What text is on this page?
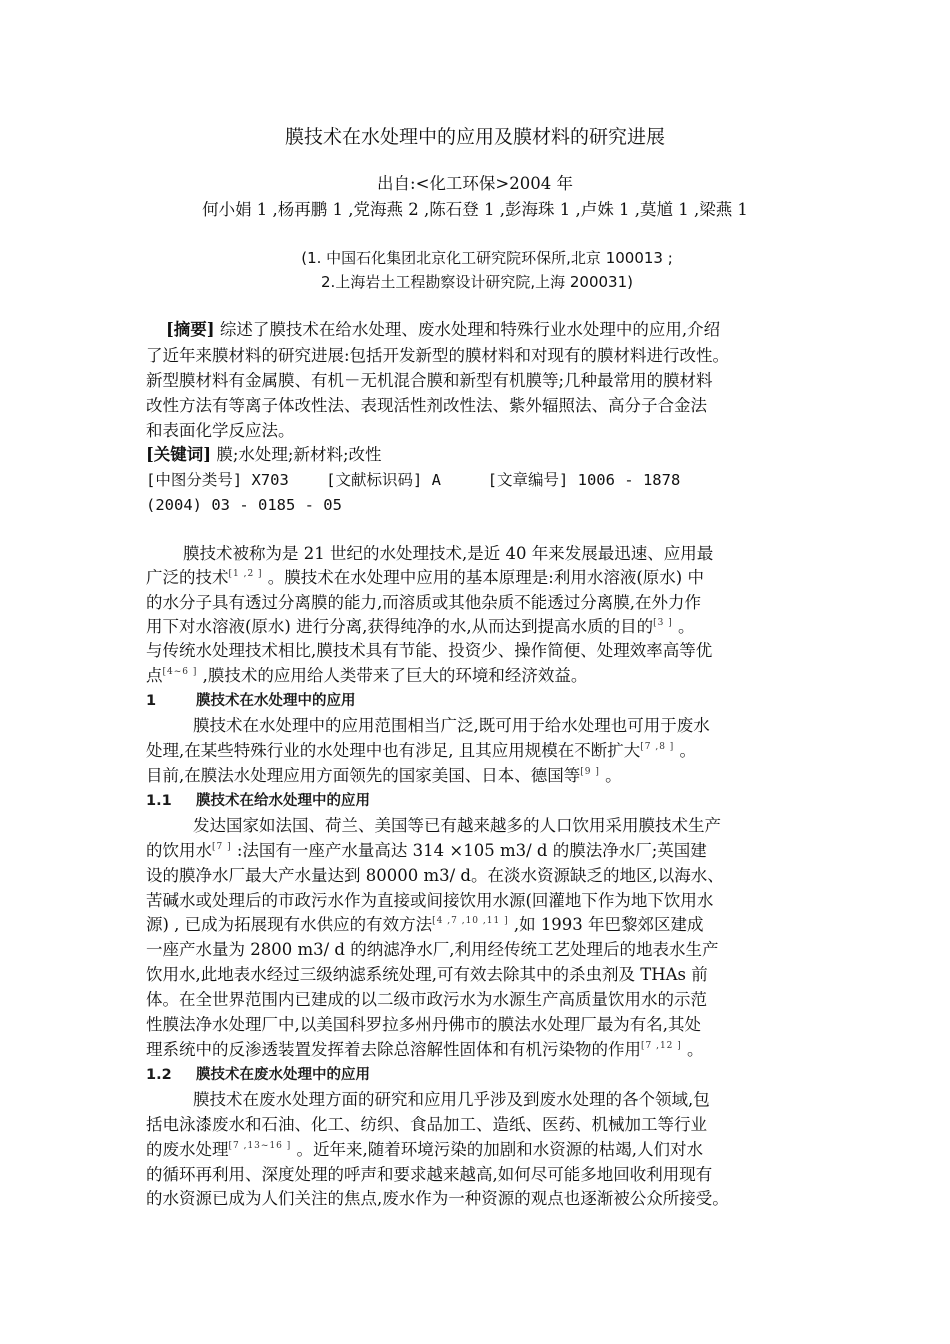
膜技术在水处理中的应用及膜材料的研究进展
出自:<化工环保>2004 年
何小娟 1 ,杨再鹏 1 ,党海燕 2 ,陈石登 1 ,彭海珠 1 ,卢姝 1 ,莫馗 1 ,梁燕 1
(1. 中国石化集团北京化工研究院环保所,北京 100013 ;
2.上海岩土工程勘察设计研究院,上海 200031)
[摘要] 综述了膜技术在给水处理、废水处理和特殊行业水处理中的应用,介绍
了近年来膜材料的研究进展:包括开发新型的膜材料和对现有的膜材料进行改性。
新型膜材料有金属膜、有机－无机混合膜和新型有机膜等;几种最常用的膜材料
改性方法有等离子体改性法、表现活性剂改性法、紫外辐照法、高分子合金法
和表面化学反应法。
[关键词] 膜;水处理;新材料;改性
[中图分类号] X703    [文献标识码] A     [文章编号] 1006 - 1878
(2004) 03 - 0185 - 05
膜技术被称为是 21 世纪的水处理技术,是近 40 年来发展最迅速、应用最
广泛的技术[1 ,2 ] 。膜技术在水处理中应用的基本原理是:利用水溶液(原水) 中
的水分子具有透过分离膜的能力,而溶质或其他杂质不能透过分离膜,在外力作
用下对水溶液(原水) 进行分离,获得纯净的水,从而达到提高水质的目的[3 ] 。
与传统水处理技术相比,膜技术具有节能、投资少、操作简便、处理效率高等优
点[4~6 ] ,膜技术的应用给人类带来了巨大的环境和经济效益。
1	膜技术在水处理中的应用
膜技术在水处理中的应用范围相当广泛,既可用于给水处理也可用于废水
处理,在某些特殊行业的水处理中也有涉足, 且其应用规模在不断扩大[7 ,8 ] 。
目前,在膜法水处理应用方面领先的国家美国、日本、德国等[9 ] 。
1.1 膜技术在给水处理中的应用
发达国家如法国、荷兰、美国等已有越来越多的人口饮用采用膜技术生产
的饮用水[7 ] :法国有一座产水量高达 314 ×105 m3/ d 的膜法净水厂;英国建
设的膜净水厂最大产水量达到 80000 m3/ d。在淡水资源缺乏的地区,以海水、
苦碱水或处理后的市政污水作为直接或间接饮用水源(回灌地下作为地下饮用水
源) , 已成为拓展现有水供应的有效方法[4 ,7 ,10 ,11 ] ,如 1993 年巴黎郊区建成
一座产水量为 2800 m3/ d 的纳滤净水厂,利用经传统工艺处理后的地表水生产
饮用水,此地表水经过三级纳滤系统处理,可有效去除其中的杀虫剂及 THAs 前
体。在全世界范围内已建成的以二级市政污水为水源生产高质量饮用水的示范
性膜法净水处理厂中,以美国科罗拉多州丹佛市的膜法水处理厂最为有名,其处
理系统中的反渗透装置发挥着去除总溶解性固体和有机污染物的作用[7 ,12 ] 。
1.2 膜技术在废水处理中的应用
膜技术在废水处理方面的研究和应用几乎涉及到废水处理的各个领域,包
括电泳漆废水和石油、化工、纺织、食品加工、造纸、医药、机械加工等行业
的废水处理[7 ,13~16 ] 。近年来,随着环境污染的加剧和水资源的枯竭,人们对水
的循环再利用、深度处理的呼声和要求越来越高,如何尽可能多地回收利用现有
的水资源已成为人们关注的焦点,废水作为一种资源的观点也逐渐被公众所接受。
